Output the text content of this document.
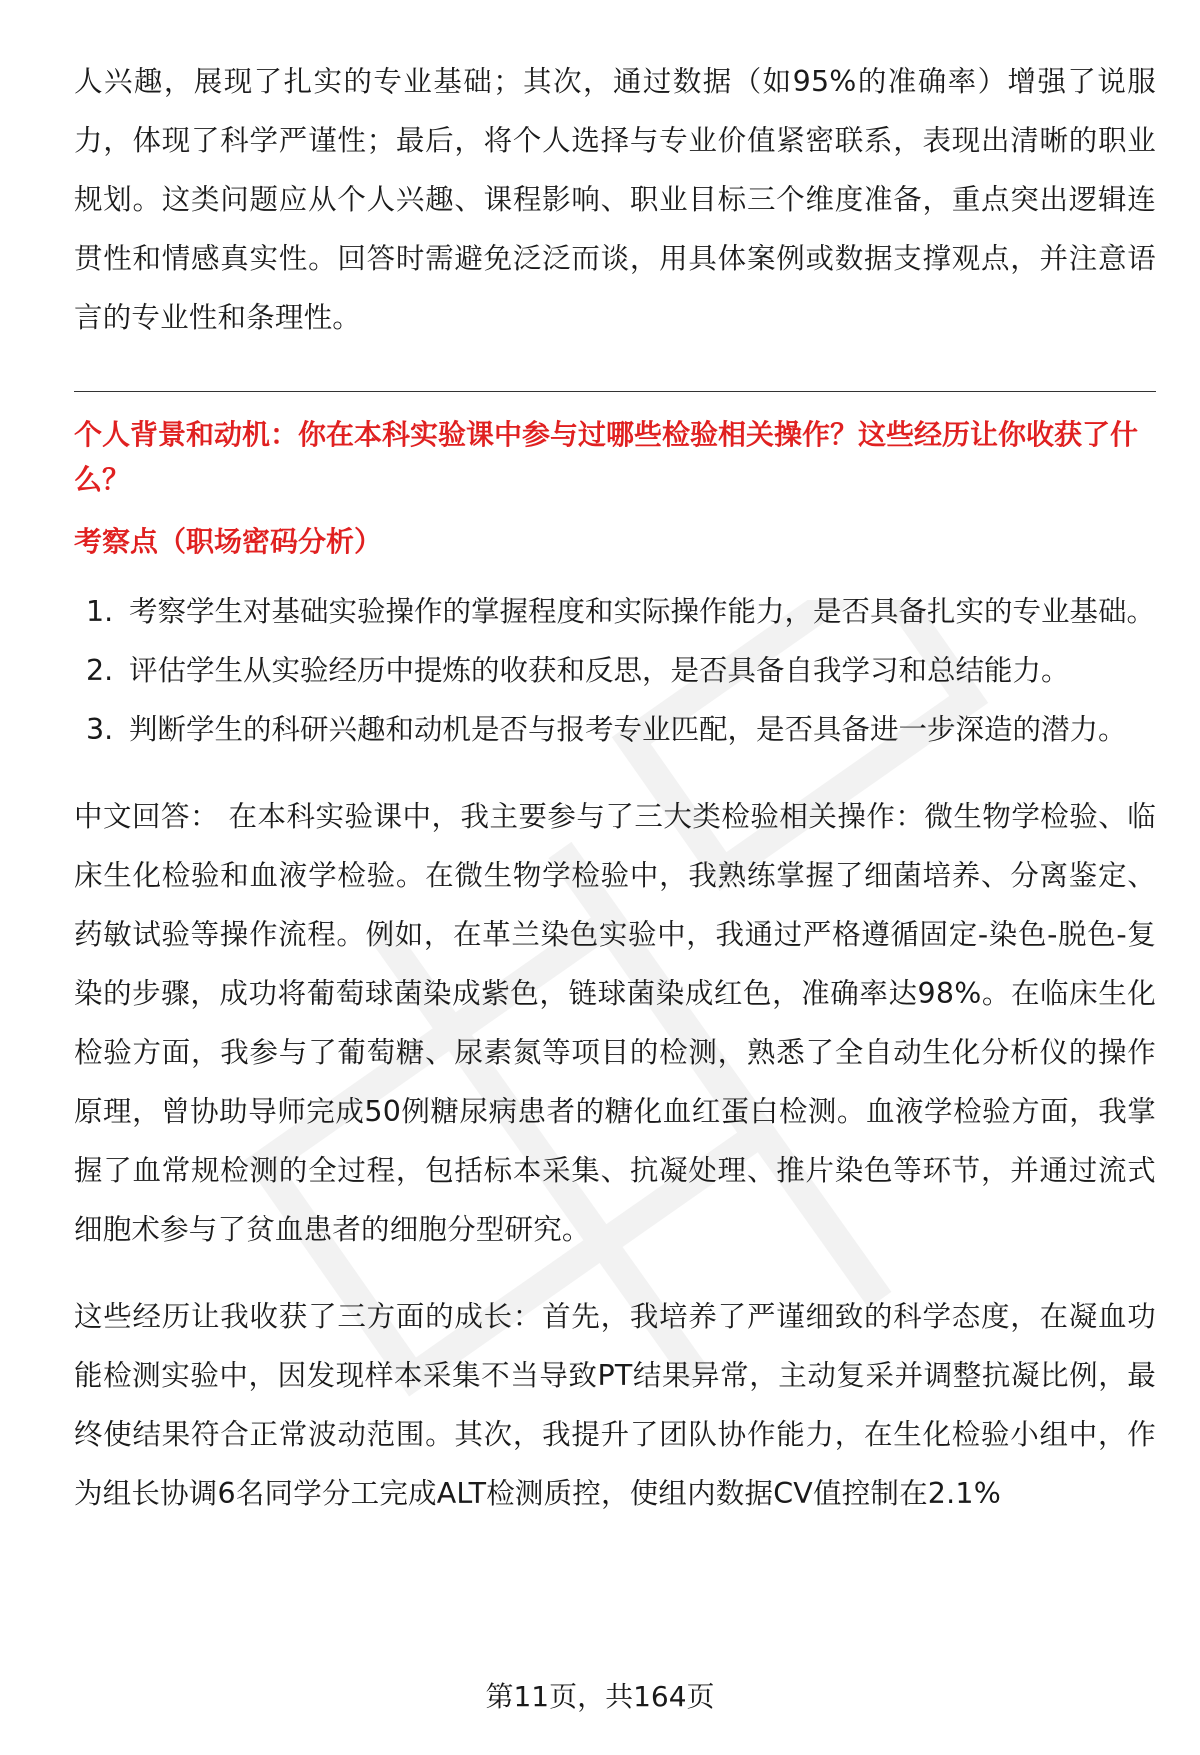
人兴趣，展现了扎实的专业基础；其次，通过数据（如95%的准确率）增强了说服力，体现了科学严谨性；最后，将个人选择与专业价值紧密联系，表现出清晰的职业规划。这类问题应从个人兴趣、课程影响、职业目标三个维度准备，重点突出逻辑连贯性和情感真实性。回答时需避免泛泛而谈，用具体案例或数据支撑观点，并注意语言的专业性和条理性。

个人背景和动机：你在本科实验课中参与过哪些检验相关操作？这些经历让你收获了什么？

考察点（职场密码分析）

1. 考察学生对基础实验操作的掌握程度和实际操作能力，是否具备扎实的专业基础。
2. 评估学生从实验经历中提炼的收获和反思，是否具备自我学习和总结能力。
3. 判断学生的科研兴趣和动机是否与报考专业匹配，是否具备进一步深造的潜力。

中文回答： 在本科实验课中，我主要参与了三大类检验相关操作：微生物学检验、临床生化检验和血液学检验。在微生物学检验中，我熟练掌握了细菌培养、分离鉴定、药敏试验等操作流程。例如，在革兰染色实验中，我通过严格遵循固定-染色-脱色-复染的步骤，成功将葡萄球菌染成紫色，链球菌染成红色，准确率达98%。在临床生化检验方面，我参与了葡萄糖、尿素氮等项目的检测，熟悉了全自动生化分析仪的操作原理，曾协助导师完成50例糖尿病患者的糖化血红蛋白检测。血液学检验方面，我掌握了血常规检测的全过程，包括标本采集、抗凝处理、推片染色等环节，并通过流式细胞术参与了贫血患者的细胞分型研究。

这些经历让我收获了三方面的成长：首先，我培养了严谨细致的科学态度，在凝血功能检测实验中，因发现样本采集不当导致PT结果异常，主动复采并调整抗凝比例，最终使结果符合正常波动范围。其次，我提升了团队协作能力，在生化检验小组中，作为组长协调6名同学分工完成ALT检测质控，使组内数据CV值控制在2.1%

第11页，共164页
